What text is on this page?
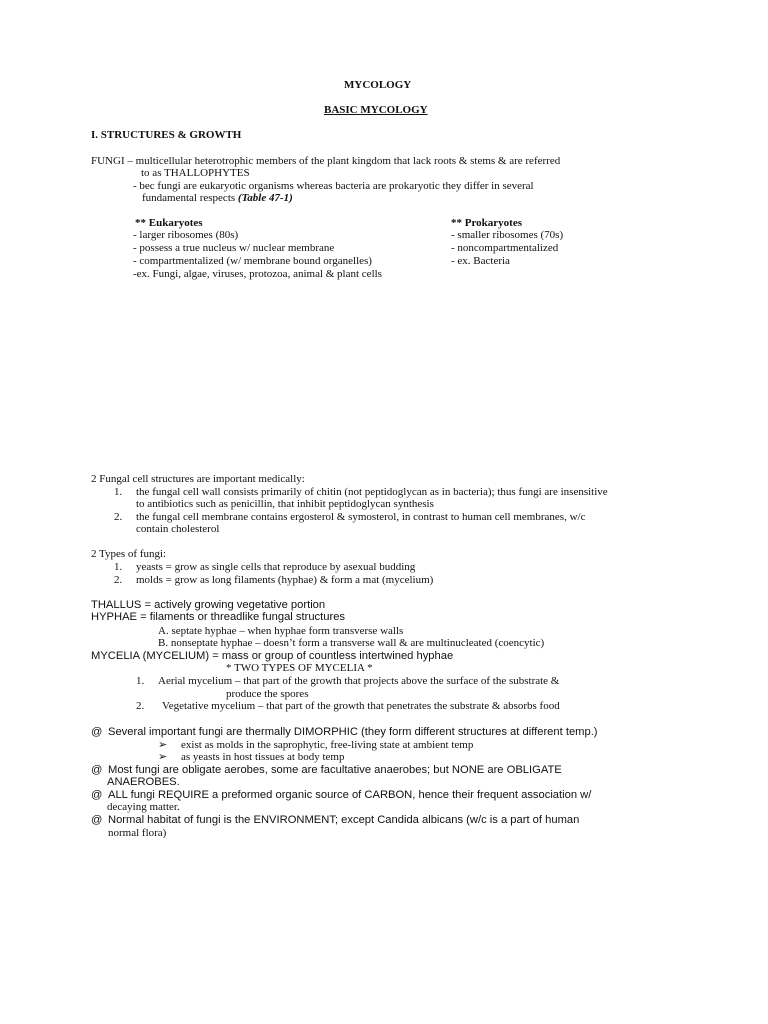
MYCOLOGY
BASIC MYCOLOGY
I. STRUCTURES & GROWTH
FUNGI – multicellular heterotrophic members of the plant kingdom that lack roots & stems & are referred
to as THALLOPHYTES
- bec fungi are eukaryotic organisms whereas bacteria are prokaryotic they differ in several
fundamental respects (Table 47-1)
** Eukaryotes
- larger ribosomes (80s)
- possess a true nucleus w/ nuclear membrane
- compartmentalized (w/ membrane bound organelles)
-ex. Fungi, algae, viruses, protozoa, animal & plant cells
** Prokaryotes
- smaller ribosomes (70s)
- noncompartmentalized
- ex. Bacteria
2 Fungal cell structures are important medically:
1. the fungal cell wall consists primarily of chitin (not peptidoglycan as in bacteria); thus fungi are insensitive
to antibiotics such as penicillin, that inhibit peptidoglycan synthesis
2. the fungal cell membrane contains ergosterol & symosterol, in contrast to human cell membranes, w/c
contain cholesterol
2 Types of fungi:
1. yeasts = grow as single cells that reproduce by asexual budding
2. molds = grow as long filaments (hyphae) & form a mat (mycelium)
THALLUS = actively growing vegetative portion
HYPHAE = filaments or threadlike fungal structures
A. septate hyphae – when hyphae form transverse walls
B. nonseptate hyphae – doesn’t form a transverse wall & are multinucleated (coencytic)
MYCELIA (MYCELIUM) = mass or group of countless intertwined hyphae
* TWO TYPES OF MYCELIA *
1. Aerial mycelium – that part of the growth that projects above the surface of the substrate &
produce the spores
2. Vegetative mycelium – that part of the growth that penetrates the substrate & absorbs food
@ Several important fungi are thermally DIMORPHIC (they form different structures at different temp.)
➢ exist as molds in the saprophytic, free-living state at ambient temp
➢ as yeasts in host tissues at body temp
@ Most fungi are obligate aerobes, some are facultative anaerobes; but NONE are OBLIGATE
ANAEROBES.
@ ALL fungi REQUIRE a preformed organic source of CARBON, hence their frequent association w/
decaying matter.
@ Normal habitat of fungi is the ENVIRONMENT; except Candida albicans (w/c is a part of human
normal flora)
